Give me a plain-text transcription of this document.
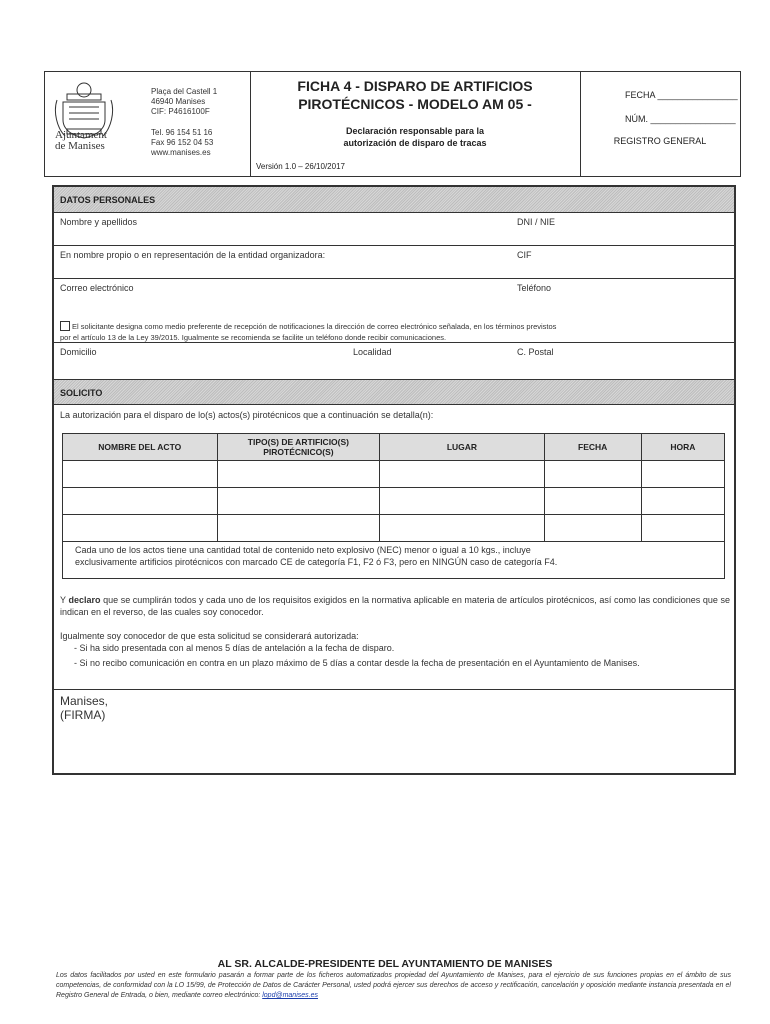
Ajuntament
de Manises
Plaça del Castell 1
46940 Manises
CIF: P4616100F
Tel. 96 154 51 16
Fax 96 152 04 53
www.manises.es
FICHA 4 - DISPARO DE ARTIFICIOS
PIROTÉCNICOS - MODELO AM 05 -
Declaración responsable para la
autorización de disparo de tracas
Versión 1.0 – 26/10/2017
FECHA ________________
NÚM. _________________
REGISTRO GENERAL
DATOS PERSONALES
Nombre y apellidos	DNI / NIE
En nombre propio o en representación de la entidad organizadora:	CIF
Correo electrónico	Teléfono
El solicitante designa como medio preferente de recepción de notificaciones la dirección de correo electrónico señalada, en los términos previstos
por el artículo 13 de la Ley 39/2015. Igualmente se recomienda se facilite un teléfono donde recibir comunicaciones.
Domicilio	Localidad	C. Postal
SOLICITO
La autorización para el disparo de lo(s) actos(s) pirotécnicos que a continuación se detalla(n):
NOMBRE DEL ACTO	TIPO(S) DE ARTIFICIO(S) PIROTÉCNICO(S)	LUGAR	FECHA	HORA

Cada uno de los actos tiene una cantidad total de contenido neto explosivo (NEC) menor o igual a 10 kgs., incluye
exclusivamente artificios pirotécnicos con marcado CE de categoría F1, F2 ó F3, pero en NINGÚN caso de categoría F4.
Y declaro que se cumplirán todos y cada uno de los requisitos exigidos en la normativa aplicable en materia de artículos pirotécnicos, así como las condiciones que se indican en el reverso, de las cuales soy conocedor.
Igualmente soy conocedor de que esta solicitud se considerará autorizada:
- Si ha sido presentada con al menos 5 días de antelación a la fecha de disparo.
- Si no recibo comunicación en contra en un plazo máximo de 5 días a contar desde la fecha de presentación en el Ayuntamiento de Manises.
Manises,
(FIRMA)
AL SR. ALCALDE-PRESIDENTE DEL AYUNTAMIENTO DE MANISES
Los datos facilitados por usted en este formulario pasarán a formar parte de los ficheros automatizados propiedad del Ayuntamiento de Manises, para el ejercicio de sus funciones propias en el ámbito de sus competencias, de conformidad con la LO 15/99, de Protección de Datos de Carácter Personal, usted podrá ejercer sus derechos de acceso y rectificación, cancelación y oposición mediante instancia presentada en el Registro General de Entrada, o bien, mediante correo electrónico: lopd@manises.es
